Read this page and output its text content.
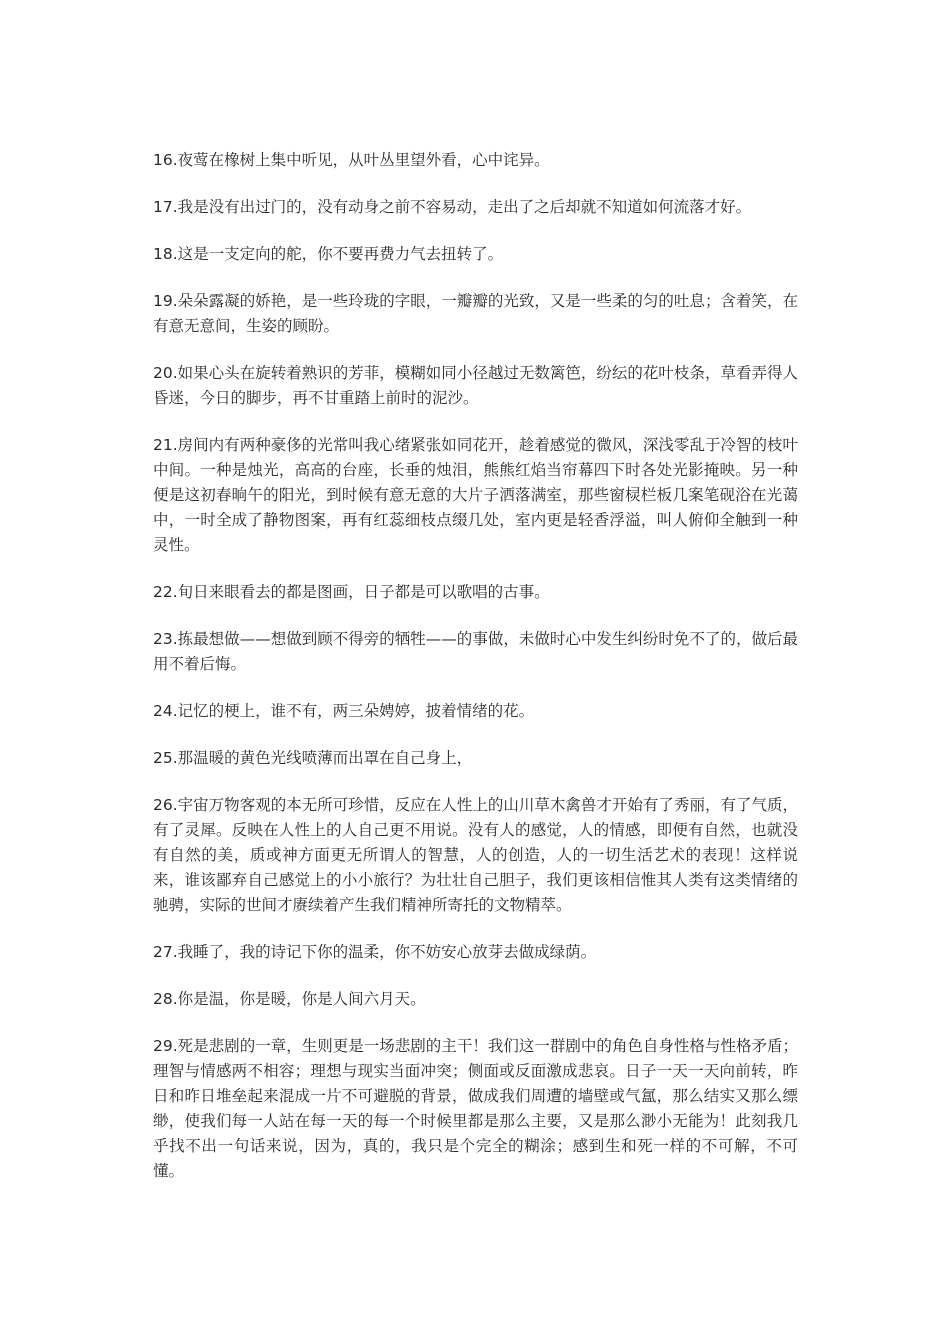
16.夜莺在橡树上集中听见，从叶丛里望外看，心中诧异。

17.我是没有出过门的，没有动身之前不容易动，走出了之后却就不知道如何流落才好。

18.这是一支定向的舵，你不要再费力气去扭转了。

19.朵朵露凝的娇艳，是一些玲珑的字眼，一瓣瓣的光致，又是一些柔的匀的吐息；含着笑，在有意无意间，生姿的顾盼。

20.如果心头在旋转着熟识的芳菲，模糊如同小径越过无数篱笆，纷纭的花叶枝条，草看弄得人昏迷，今日的脚步，再不甘重踏上前时的泥沙。

21.房间内有两种豪侈的光常叫我心绪紧张如同花开，趁着感觉的微风，深浅零乱于冷智的枝叶中间。一种是烛光，高高的台座，长垂的烛泪，熊熊红焰当帘幕四下时各处光影掩映。另一种便是这初春晌午的阳光，到时候有意无意的大片子洒落满室，那些窗棂栏板几案笔砚浴在光蔼中，一时全成了静物图案，再有红蕊细枝点缀几处，室内更是轻香浮溢，叫人俯仰全触到一种灵性。

22.旬日来眼看去的都是图画，日子都是可以歌唱的古事。

23.拣最想做——想做到顾不得旁的牺牲——的事做，未做时心中发生纠纷时免不了的，做后最用不着后悔。

24.记忆的梗上，谁不有，两三朵娉婷，披着情绪的花。

25.那温暖的黄色光线喷薄而出罩在自己身上，

26.宇宙万物客观的本无所可珍惜，反应在人性上的山川草木禽兽才开始有了秀丽，有了气质，有了灵犀。反映在人性上的人自己更不用说。没有人的感觉，人的情感，即便有自然，也就没有自然的美，质或神方面更无所谓人的智慧，人的创造，人的一切生活艺术的表现！这样说来，谁该鄙弃自己感觉上的小小旅行？为壮壮自己胆子，我们更该相信惟其人类有这类情绪的驰骋，实际的世间才赓续着产生我们精神所寄托的文物精萃。

27.我睡了，我的诗记下你的温柔，你不妨安心放芽去做成绿荫。

28.你是温，你是暖，你是人间六月天。

29.死是悲剧的一章，生则更是一场悲剧的主干！我们这一群剧中的角色自身性格与性格矛盾；理智与情感两不相容；理想与现实当面冲突；侧面或反面激成悲哀。日子一天一天向前转，昨日和昨日堆垒起来混成一片不可避脱的背景，做成我们周遭的墙壁或气氲，那么结实又那么缥缈，使我们每一人站在每一天的每一个时候里都是那么主要，又是那么渺小无能为！此刻我几乎找不出一句话来说，因为，真的，我只是个完全的糊涂；感到生和死一样的不可解，不可懂。
